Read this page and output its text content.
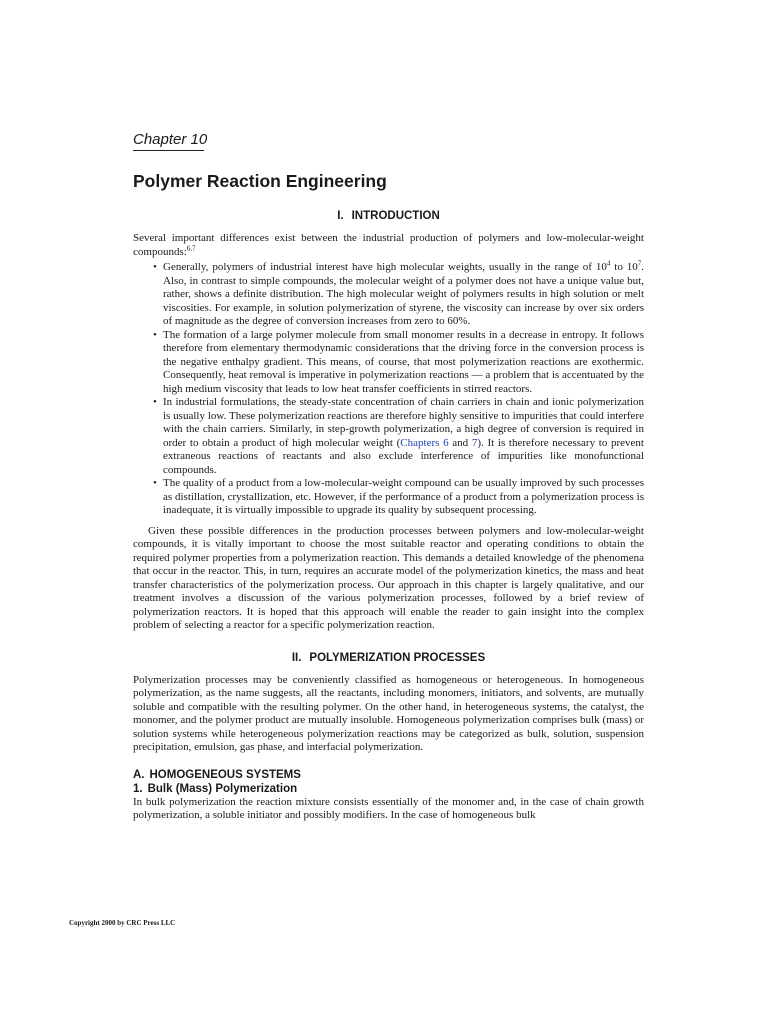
Chapter 10
Polymer Reaction Engineering
I. INTRODUCTION

Several important differences exist between the industrial production of polymers and low-molecular-weight compounds:$^{6,7}$

• Generally, polymers of industrial interest have high molecular weights, usually in the range of $10^4$ to $10^7$. Also, in contrast to simple compounds, the molecular weight of a polymer does not have a unique value but, rather, shows a definite distribution. The high molecular weight of polymers results in high solution or melt viscosities. For example, in solution polymerization of styrene, the viscosity can increase by over six orders of magnitude as the degree of conversion increases from zero to 60%.
• The formation of a large polymer molecule from small monomer results in a decrease in entropy. It follows therefore from elementary thermodynamic considerations that the driving force in the conversion process is the negative enthalpy gradient. This means, of course, that most polymerization reactions are exothermic. Consequently, heat removal is imperative in polymerization reactions — a problem that is accentuated by the high medium viscosity that leads to low heat transfer coefficients in stirred reactors.
• In industrial formulations, the steady-state concentration of chain carriers in chain and ionic polymerization is usually low. These polymerization reactions are therefore highly sensitive to impurities that could interfere with the chain carriers. Similarly, in step-growth polymerization, a high degree of conversion is required in order to obtain a product of high molecular weight (Chapters 6 and 7). It is therefore necessary to prevent extraneous reactions of reactants and also exclude interference of impurities like monofunctional compounds.
• The quality of a product from a low-molecular-weight compound can be usually improved by such processes as distillation, crystallization, etc. However, if the performance of a product from a polymerization process is inadequate, it is virtually impossible to upgrade its quality by subsequent processing.

Given these possible differences in the production processes between polymers and low-molecular-weight compounds, it is vitally important to choose the most suitable reactor and operating conditions to obtain the required polymer properties from a polymerization reaction. This demands a detailed knowledge of the phenomena that occur in the reactor. This, in turn, requires an accurate model of the polymerization kinetics, the mass and heat transfer characteristics of the polymerization process. Our approach in this chapter is largely qualitative, and our treatment involves a discussion of the various polymerization processes, followed by a brief review of polymerization reactors. It is hoped that this approach will enable the reader to gain insight into the complex problem of selecting a reactor for a specific polymerization reaction.

II. POLYMERIZATION PROCESSES

Polymerization processes may be conveniently classified as homogeneous or heterogeneous. In homogeneous polymerization, as the name suggests, all the reactants, including monomers, initiators, and solvents, are mutually soluble and compatible with the resulting polymer. On the other hand, in heterogeneous systems, the catalyst, the monomer, and the polymer product are mutually insoluble. Homogeneous polymerization comprises bulk (mass) or solution systems while heterogeneous polymerization reactions may be categorized as bulk, solution, suspension precipitation, emulsion, gas phase, and interfacial polymerization.

A. HOMOGENEOUS SYSTEMS
1. Bulk (Mass) Polymerization

In bulk polymerization the reaction mixture consists essentially of the monomer and, in the case of chain growth polymerization, a soluble initiator and possibly modifiers. In the case of homogeneous bulk

Copyright 2000 by CRC Press LLC
